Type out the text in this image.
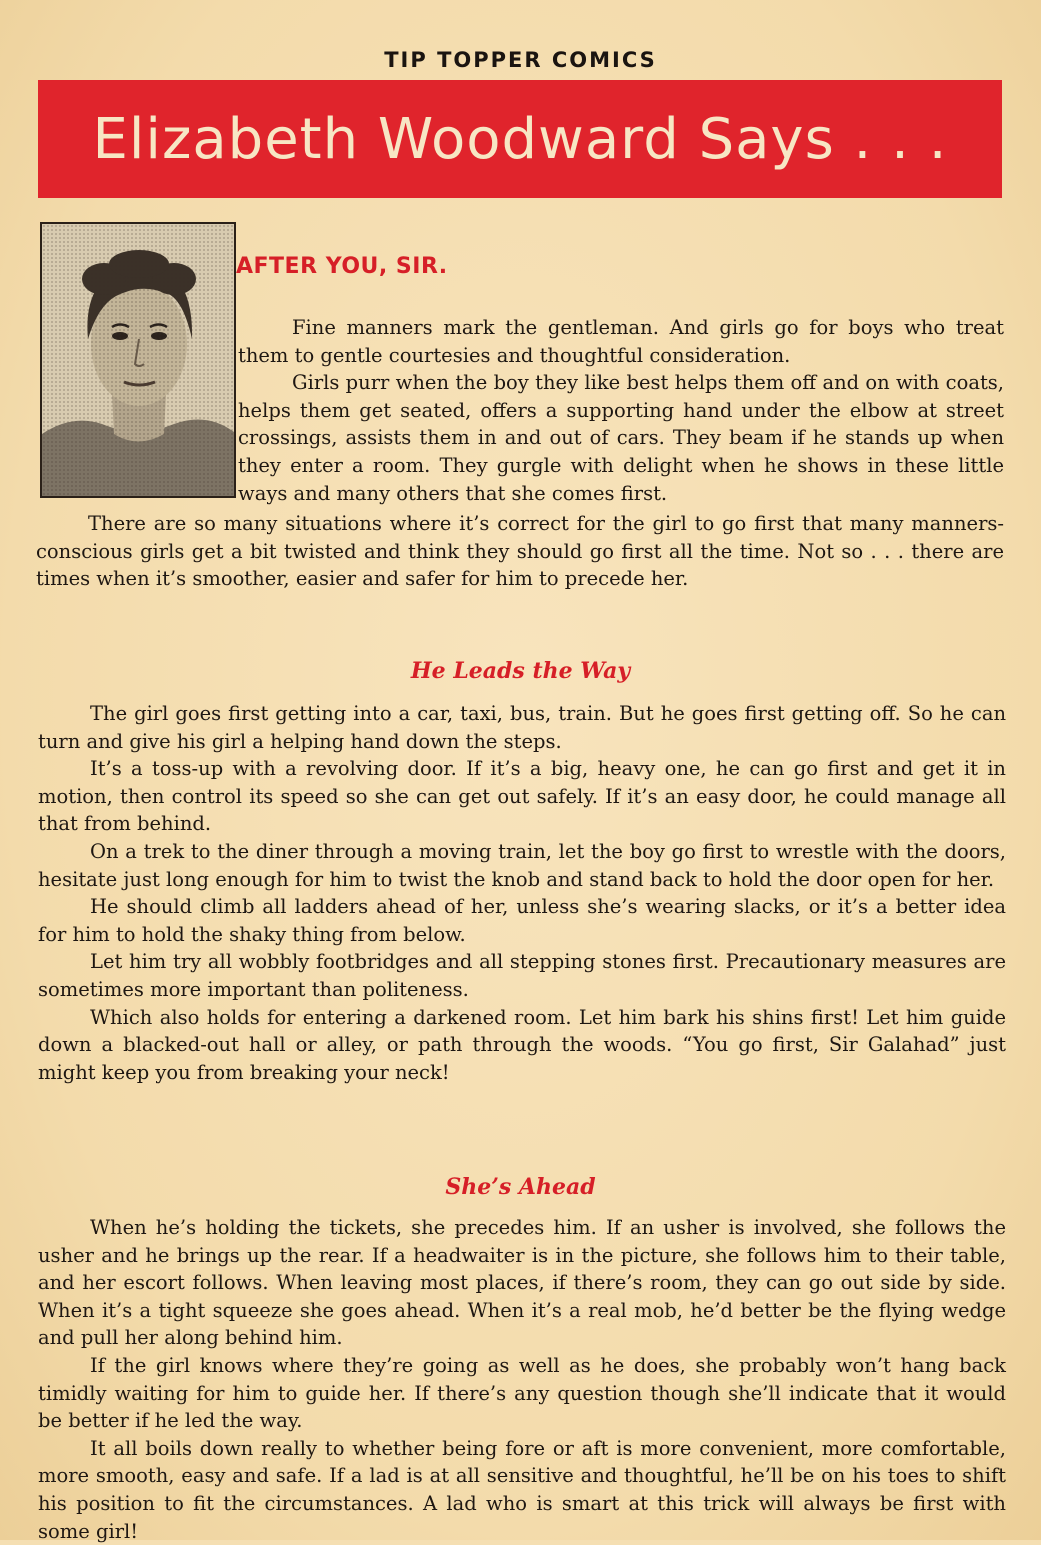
TIP TOPPER COMICS
Elizabeth Woodward Says . . .
AFTER YOU, SIR.

Fine manners mark the gentleman. And girls go for boys who treat them to gentle courtesies and thoughtful consideration.

Girls purr when the boy they like best helps them off and on with coats, helps them get seated, offers a supporting hand under the elbow at street crossings, assists them in and out of cars. They beam if he stands up when they enter a room. They gurgle with delight when he shows in these little ways and many others that she comes first.

There are so many situations where it’s correct for the girl to go first that many manners-conscious girls get a bit twisted and think they should go first all the time. Not so . . . there are times when it’s smoother, easier and safer for him to precede her.

He Leads the Way

The girl goes first getting into a car, taxi, bus, train. But he goes first getting off. So he can turn and give his girl a helping hand down the steps.

It’s a toss-up with a revolving door. If it’s a big, heavy one, he can go first and get it in motion, then control its speed so she can get out safely. If it’s an easy door, he could manage all that from behind.

On a trek to the diner through a moving train, let the boy go first to wrestle with the doors, hesitate just long enough for him to twist the knob and stand back to hold the door open for her.

He should climb all ladders ahead of her, unless she’s wearing slacks, or it’s a better idea for him to hold the shaky thing from below.

Let him try all wobbly footbridges and all stepping stones first. Precautionary measures are sometimes more important than politeness.

Which also holds for entering a darkened room. Let him bark his shins first! Let him guide down a blacked-out hall or alley, or path through the woods. “You go first, Sir Galahad” just might keep you from breaking your neck!

She’s Ahead

When he’s holding the tickets, she precedes him. If an usher is involved, she follows the usher and he brings up the rear. If a headwaiter is in the picture, she follows him to their table, and her escort follows. When leaving most places, if there’s room, they can go out side by side. When it’s a tight squeeze she goes ahead. When it’s a real mob, he’d better be the flying wedge and pull her along behind him.

If the girl knows where they’re going as well as he does, she probably won’t hang back timidly waiting for him to guide her. If there’s any question though she’ll indicate that it would be better if he led the way.

It all boils down really to whether being fore or aft is more convenient, more comfortable, more smooth, easy and safe. If a lad is at all sensitive and thoughtful, he’ll be on his toes to shift his position to fit the circumstances. A lad who is smart at this trick will always be first with some girl!
